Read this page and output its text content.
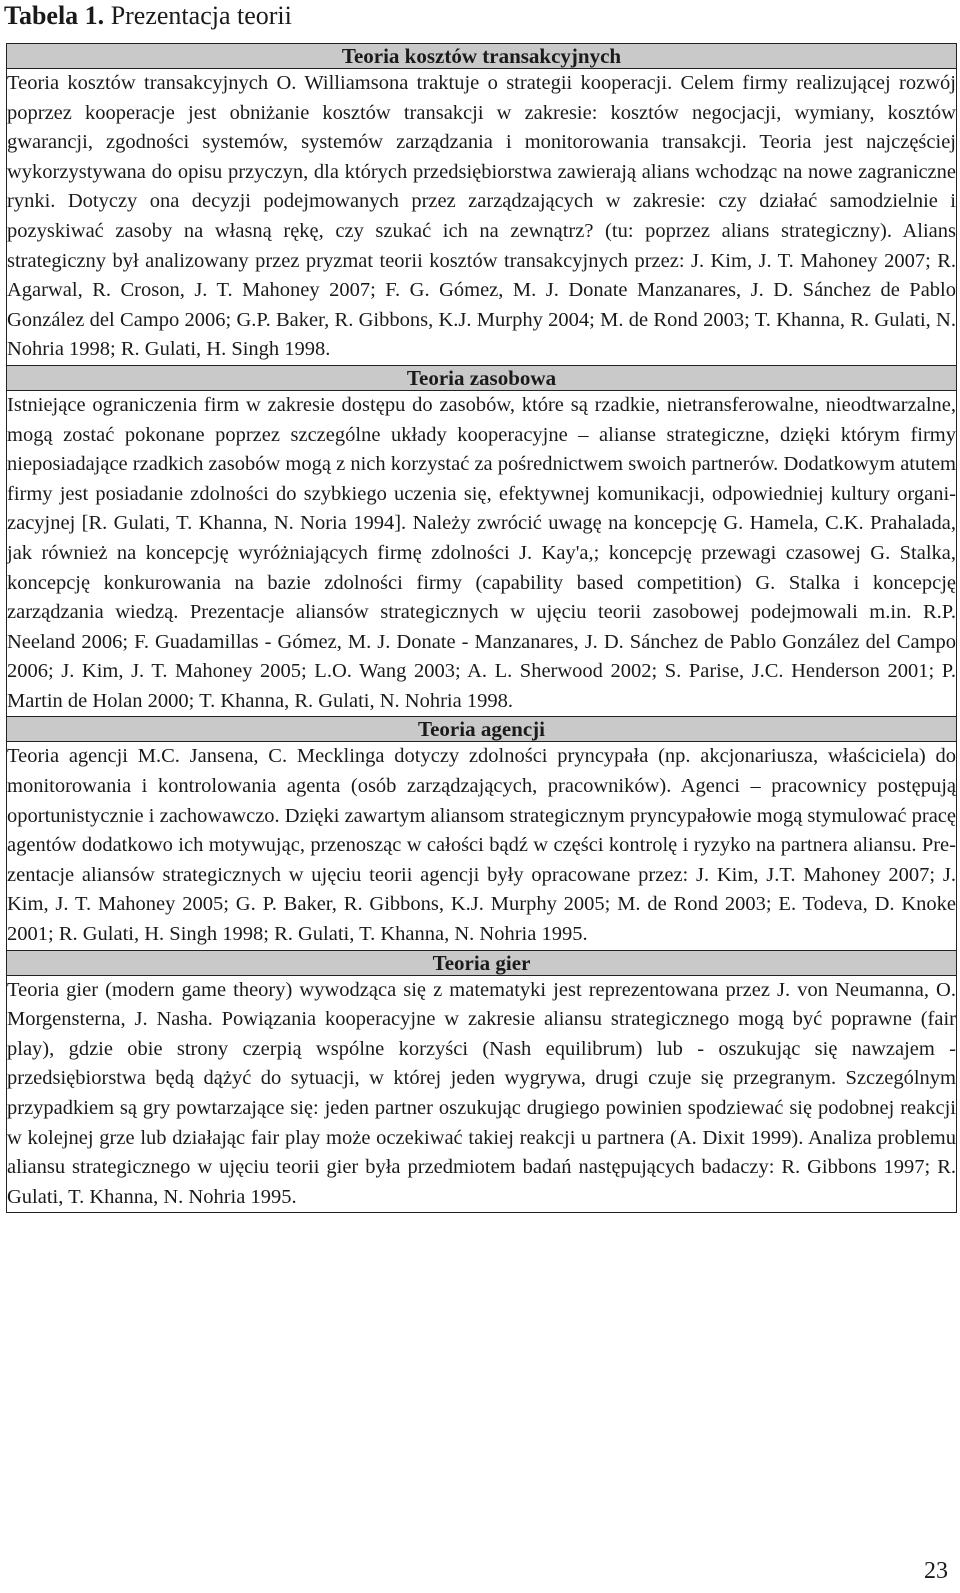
Tabela 1. Prezentacja teorii
Teoria kosztów transakcyjnych
Teoria kosztów transakcyjnych O. Williamsona traktuje o strategii kooperacji. Celem firmy realizującej rozwój poprzez kooperacje jest obniżanie kosztów transakcji w zakresie: kosztów negocjacji, wymiany, kosztów gwarancji, zgodności systemów, systemów zarządzania i monitorowania transakcji. Teoria jest najczęściej wykorzystywana do opisu przyczyn, dla których przedsiębiorstwa zawierają alians wchodząc na nowe zagraniczne rynki. Dotyczy ona decyzji podejmowanych przez zarządzających w zakresie: czy działać samodzielnie i pozyskiwać zasoby na własną rękę, czy szukać ich na zewnątrz? (tu: poprzez alians strategiczny). Alians strategiczny był analizowany przez pryzmat teorii kosztów transakcyjnych przez: J. Kim, J. T. Mahoney 2007; R. Agarwal, R. Croson, J. T. Mahoney 2007; F. G. Gómez, M. J. Donate Manzanares, J. D. Sánchez de Pablo González del Campo 2006; G.P. Baker, R. Gibbons, K.J. Murphy 2004; M. de Rond 2003; T. Khanna, R. Gulati, N. Nohria 1998; R. Gulati, H. Singh 1998.
Teoria zasobowa
Istniejące ograniczenia firm w zakresie dostępu do zasobów, które są rzadkie, nietransferowalne, nieodtwarzalne, mogą zostać pokonane poprzez szczególne układy kooperacyjne – alianse strategiczne, dzięki którym firmy nieposiadające rzadkich zasobów mogą z nich korzystać za pośrednictwem swoich partnerów. Dodatkowym atutem firmy jest posiadanie zdolności do szybkiego uczenia się, efektywnej komunikacji, odpowiedniej kultury organizacyjnej [R. Gulati, T. Khanna, N. Noria 1994]. Należy zwrócić uwagę na koncepcję G. Hamela, C.K. Prahalada, jak również na koncepcję wyróżniających firmę zdolności J. Kay'a,; koncepcję przewagi czasowej G. Stalka, koncepcję konkurowania na bazie zdolności firmy (capability based competition) G. Stalka i koncepcję zarządzania wiedzą. Prezentacje aliansów strategicznych w ujęciu teorii zasobowej podejmowali m.in. R.P. Neeland 2006; F. Guadamillas - Gómez, M. J. Donate - Manzanares, J. D. Sánchez de Pablo González del Campo 2006; J. Kim, J. T. Mahoney 2005; L.O. Wang 2003; A. L. Sherwood 2002; S. Parise, J.C. Henderson 2001; P. Martin de Holan 2000; T. Khanna, R. Gulati, N. Nohria 1998.
Teoria agencji
Teoria agencji M.C. Jansena, C. Mecklinga dotyczy zdolności pryncypała (np. akcjonariusza, właściciela) do monitorowania i kontrolowania agenta (osób zarządzających, pracowników). Agenci – pracownicy postępują oportunistycznie i zachowawczo. Dzięki zawartym aliansom strategicznym pryncypałowie mogą stymulować pracę agentów dodatkowo ich motywując, przenosząc w całości bądź w części kontrolę i ryzyko na partnera aliansu. Prezentacje aliansów strategicznych w ujęciu teorii agencji były opracowane przez: J. Kim, J.T. Mahoney 2007; J. Kim, J. T. Mahoney 2005; G. P. Baker, R. Gibbons, K.J. Murphy 2005; M. de Rond 2003; E. Todeva, D. Knoke 2001; R. Gulati, H. Singh 1998; R. Gulati, T. Khanna, N. Nohria 1995.
Teoria gier
Teoria gier (modern game theory) wywodząca się z matematyki jest reprezentowana przez J. von Neumanna, O. Morgensterna, J. Nasha. Powiązania kooperacyjne w zakresie aliansu strategicznego mogą być poprawne (fair play), gdzie obie strony czerpią wspólne korzyści (Nash equilibrum) lub - oszukując się nawzajem - przedsiębiorstwa będą dążyć do sytuacji, w której jeden wygrywa, drugi czuje się przegranym. Szczególnym przypadkiem są gry powtarzające się: jeden partner oszukując drugiego powinien spodziewać się podobnej reakcji w kolejnej grze lub działając fair play może oczekiwać takiej reakcji u partnera (A. Dixit 1999). Analiza problemu aliansu strategicznego w ujęciu teorii gier była przedmiotem badań następujących badaczy: R. Gibbons 1997; R. Gulati, T. Khanna, N. Nohria 1995.
23
